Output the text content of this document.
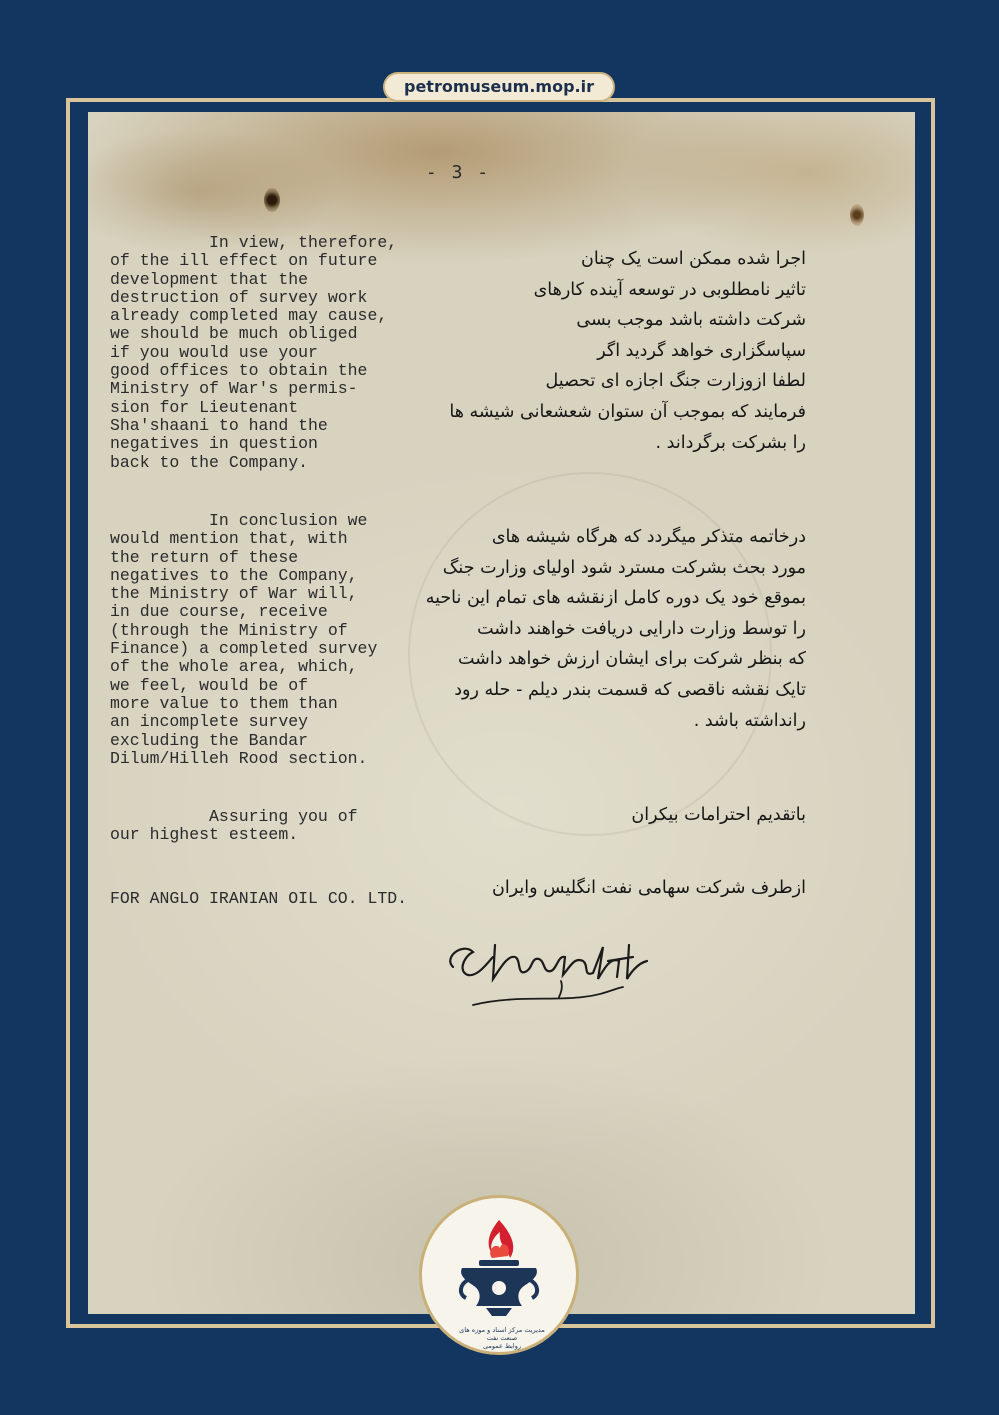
petromuseum.mop.ir
- 3 -
In view, therefore,
of the ill effect on future
development that the
destruction of survey work
already completed may cause,
we should be much obliged
if you would use your
good offices to obtain the
Ministry of War's permis-
sion for Lieutenant
Sha'shaani to hand the
negatives in question
back to the Company.
In conclusion we
would mention that, with
the return of these
negatives to the Company,
the Ministry of War will,
in due course, receive
(through the Ministry of
Finance) a completed survey
of the whole area, which,
we feel, would be of
more value to them than
an incomplete survey
excluding the Bandar
Dilum/Hilleh Rood section.
Assuring you of
our highest esteem.
FOR ANGLO IRANIAN OIL CO. LTD.
اجرا شده ممکن است یک چنان
تاثیر نامطلوبی در توسعه آینده کارهای
شرکت داشته باشد موجب بسی
سپاسگزاری خواهد گردید اگر
لطفا ازوزارت جنگ اجازه ای تحصیل
فرمایند که بموجب آن ستوان شعشعانی شیشه ها
را بشرکت برگرداند .
درخاتمه متذکر میگردد که هرگاه شیشه های
مورد بحث بشرکت مسترد شود اولیای وزارت جنگ
بموقع خود یک دوره کامل ازنقشه های تمام این ناحیه
را توسط وزارت دارایی دریافت خواهند داشت
که بنظر شرکت برای ایشان ارزش خواهد داشت
تایک نقشه ناقصی که قسمت بندر دیلم - حله رود
رانداشته باشد .
باتقدیم احترامات بیکران
ازطرف شرکت سهامی نفت انگلیس وایران
مدیریت مرکز اسناد و موزه های صنعت نفت
روابط عمومی
